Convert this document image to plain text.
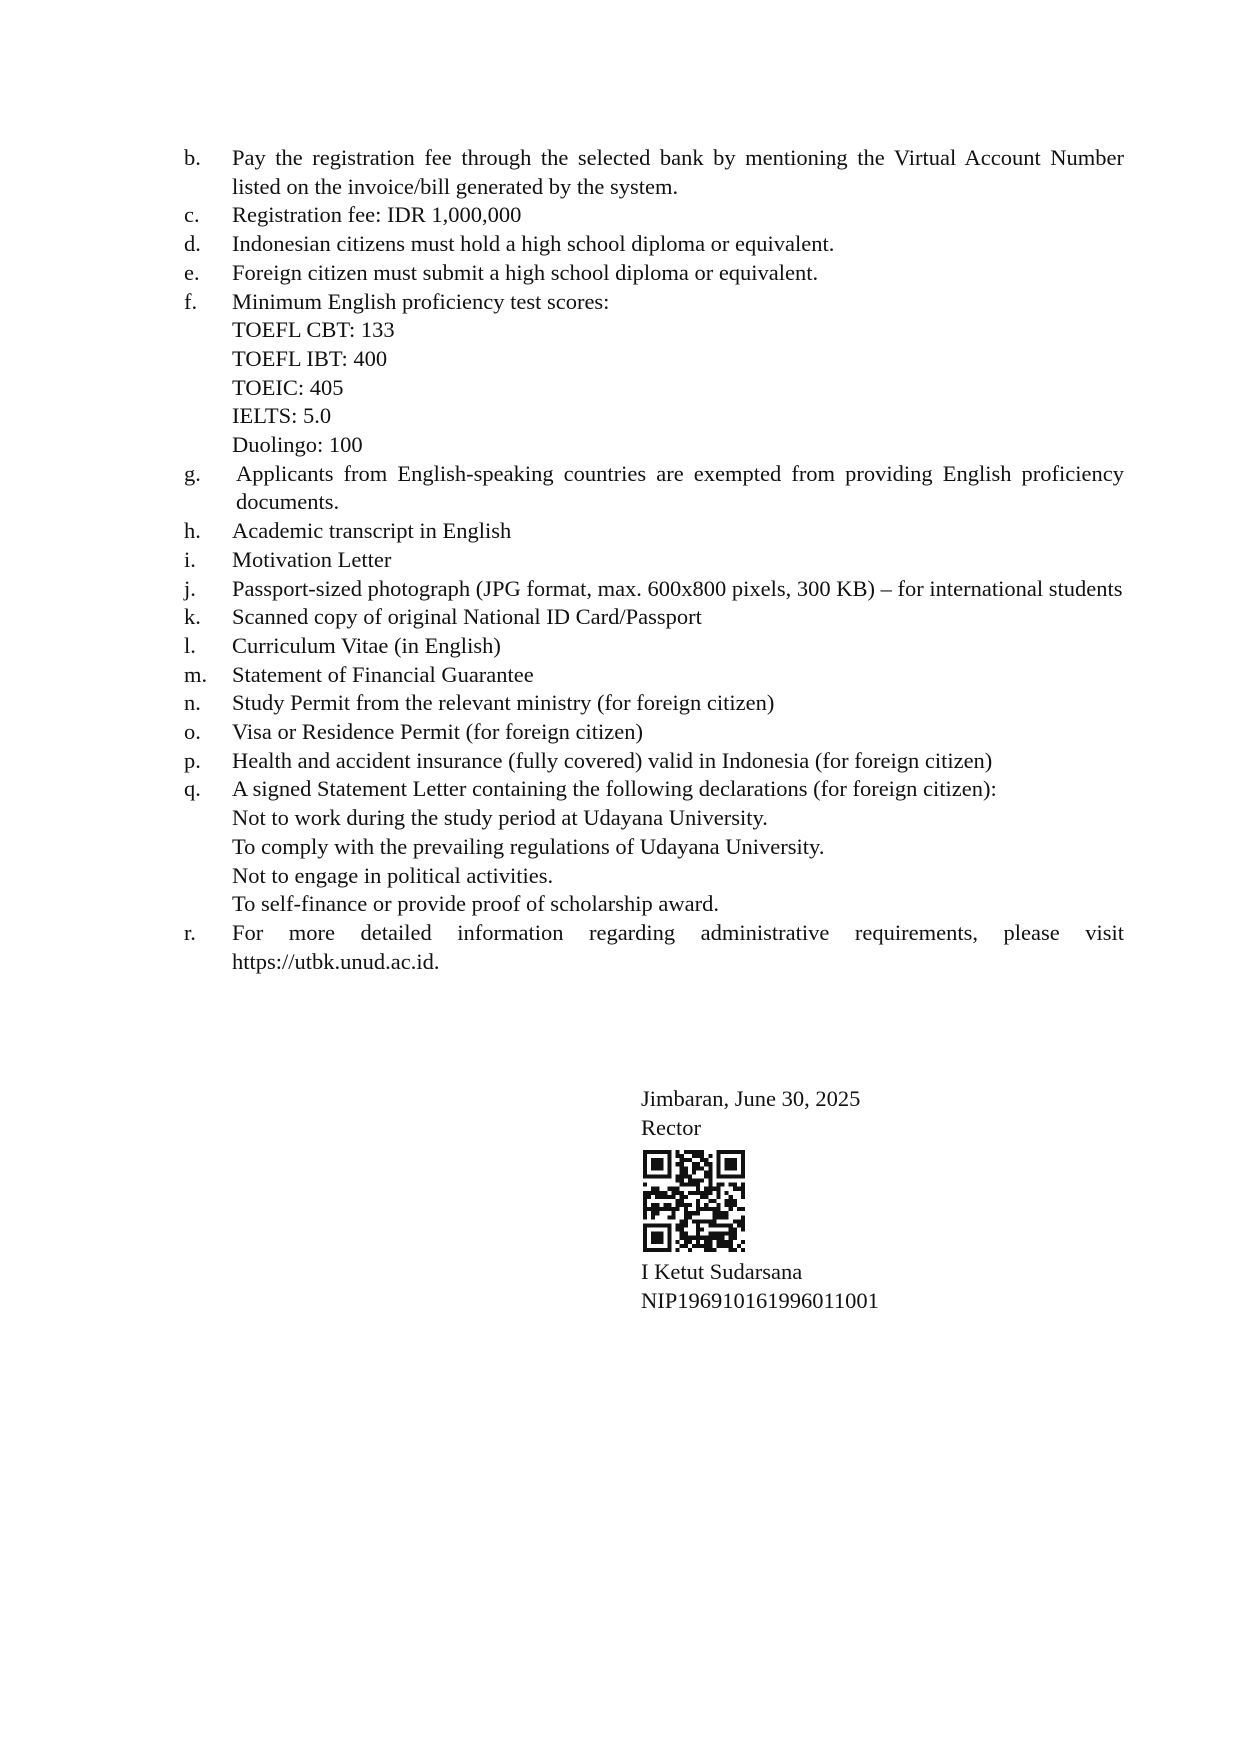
b.	Pay the registration fee through the selected bank by mentioning the Virtual Account Number listed on the invoice/bill generated by the system.
c.	Registration fee: IDR 1,000,000
d.	Indonesian citizens must hold a high school diploma or equivalent.
e.	Foreign citizen must submit a high school diploma or equivalent.
f.	Minimum English proficiency test scores:
TOEFL CBT: 133
TOEFL IBT: 400
TOEIC: 405
IELTS: 5.0
Duolingo: 100
g.	Applicants from English-speaking countries are exempted from providing English proficiency documents.
h.	Academic transcript in English
i.	Motivation Letter
j.	Passport-sized photograph (JPG format, max. 600x800 pixels, 300 KB) – for international students
k.	Scanned copy of original National ID Card/Passport
l.	Curriculum Vitae (in English)
m.	Statement of Financial Guarantee
n.	Study Permit from the relevant ministry (for foreign citizen)
o.	Visa or Residence Permit (for foreign citizen)
p.	Health and accident insurance (fully covered) valid in Indonesia (for foreign citizen)
q.	A signed Statement Letter containing the following declarations (for foreign citizen):
Not to work during the study period at Udayana University.
To comply with the prevailing regulations of Udayana University.
Not to engage in political activities.
To self-finance or provide proof of scholarship award.
r.	For more detailed information regarding administrative requirements, please visit https://utbk.unud.ac.id.
Jimbaran, June 30, 2025
Rector
I Ketut Sudarsana
NIP196910161996011001
